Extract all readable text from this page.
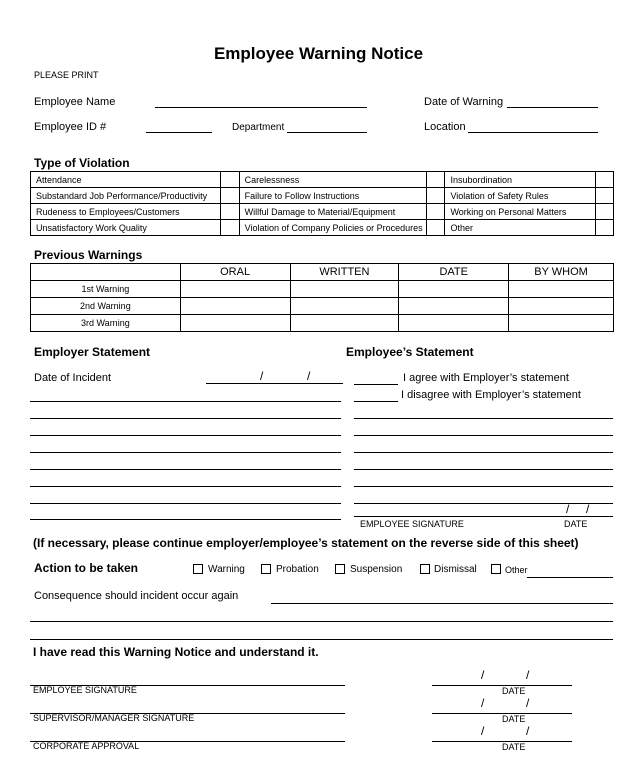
Employee Warning Notice
PLEASE PRINT
Employee Name	Date of Warning
Employee ID #	Department	Location
Type of Violation
Attendance		Carelessness		Insubordination	
Substandard Job Performance/Productivity		Failure to Follow Instructions		Violation of Safety Rules	
Rudeness to Employees/Customers		Willful Damage to Material/Equipment		Working on Personal Matters	
Unsatisfactory Work Quality		Violation of Company Policies or Procedures		Other	
Previous Warnings
	ORAL	WRITTEN	DATE	BY WHOM
1st Warning				
2nd Warning				
3rd Warning				
Employer Statement
Date of Incident	/	/
Employee’s Statement
I agree with Employer’s statement
I disagree with Employer’s statement
/ /
EMPLOYEE SIGNATURE	DATE
(If necessary, please continue employer/employee’s statement on the reverse side of this sheet)
Action to be taken	Warning	Probation	Suspension	Dismissal	Other
Consequence should incident occur again
I have read this Warning Notice and understand it.
EMPLOYEE SIGNATURE
/	/
DATE
SUPERVISOR/MANAGER SIGNATURE
/	/
DATE
CORPORATE APPROVAL
/	/
DATE
